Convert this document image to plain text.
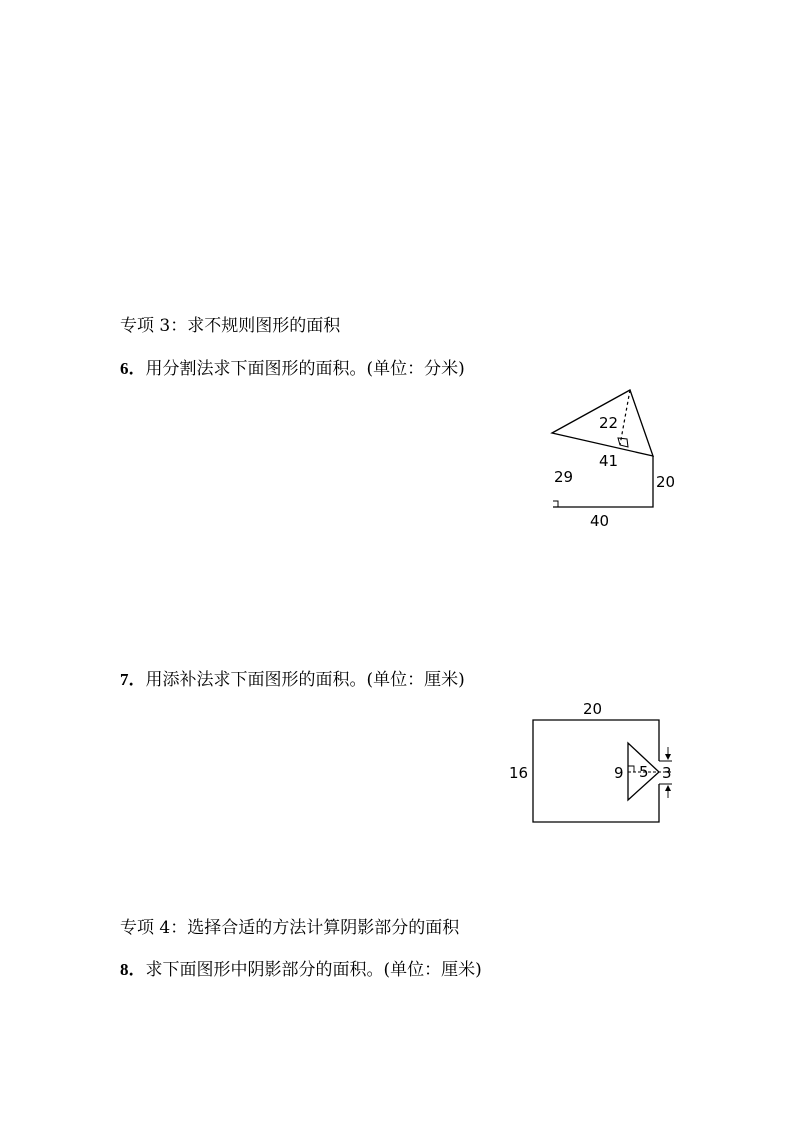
专项 3：求不规则图形的面积
6．用分割法求下面图形的面积。(单位：分米)
22
41
29	20
40
7．用添补法求下面图形的面积。(单位：厘米)
20
16	9 5 3
专项 4：选择合适的方法计算阴影部分的面积
8．求下面图形中阴影部分的面积。(单位：厘米)
